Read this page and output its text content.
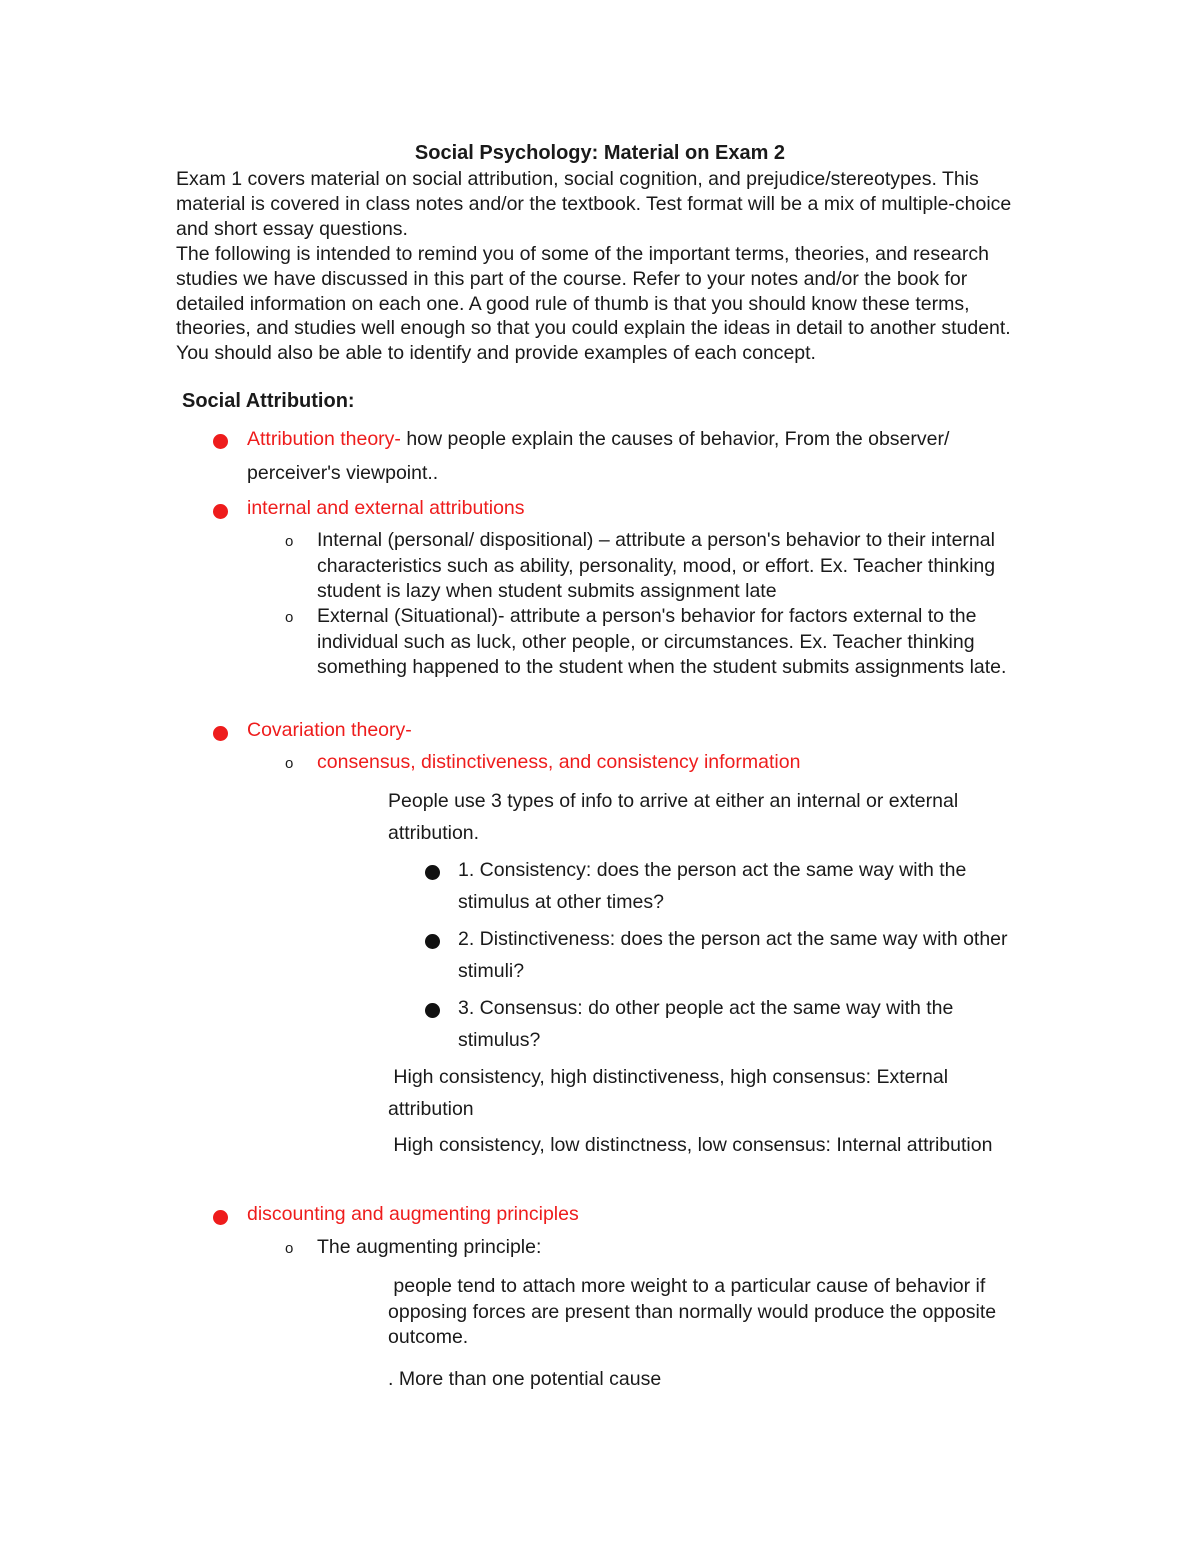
Social Psychology: Material on Exam 2

Exam 1 covers material on social attribution, social cognition, and prejudice/stereotypes. This material is covered in class notes and/or the textbook. Test format will be a mix of multiple-choice and short essay questions.

The following is intended to remind you of some of the important terms, theories, and research studies we have discussed in this part of the course. Refer to your notes and/or the book for detailed information on each one. A good rule of thumb is that you should know these terms, theories, and studies well enough so that you could explain the ideas in detail to another student. You should also be able to identify and provide examples of each concept.

Social Attribution:

Attribution theory- how people explain the causes of behavior, From the observer/ perceiver's viewpoint..

internal and external attributions

o Internal (personal/ dispositional) – attribute a person's behavior to their internal characteristics such as ability, personality, mood, or effort. Ex. Teacher thinking student is lazy when student submits assignment late

o External (Situational)- attribute a person's behavior for factors external to the individual such as luck, other people, or circumstances. Ex. Teacher thinking something happened to the student when the student submits assignments late.

Covariation theory-

o consensus, distinctiveness, and consistency information

People use 3 types of info to arrive at either an internal or external attribution.

1. Consistency: does the person act the same way with the stimulus at other times?

2. Distinctiveness: does the person act the same way with other stimuli?

3. Consensus: do other people act the same way with the stimulus?

High consistency, high distinctiveness, high consensus: External attribution

High consistency, low distinctness, low consensus: Internal attribution

discounting and augmenting principles

o The augmenting principle:

people tend to attach more weight to a particular cause of behavior if opposing forces are present than normally would produce the opposite outcome.

. More than one potential cause
